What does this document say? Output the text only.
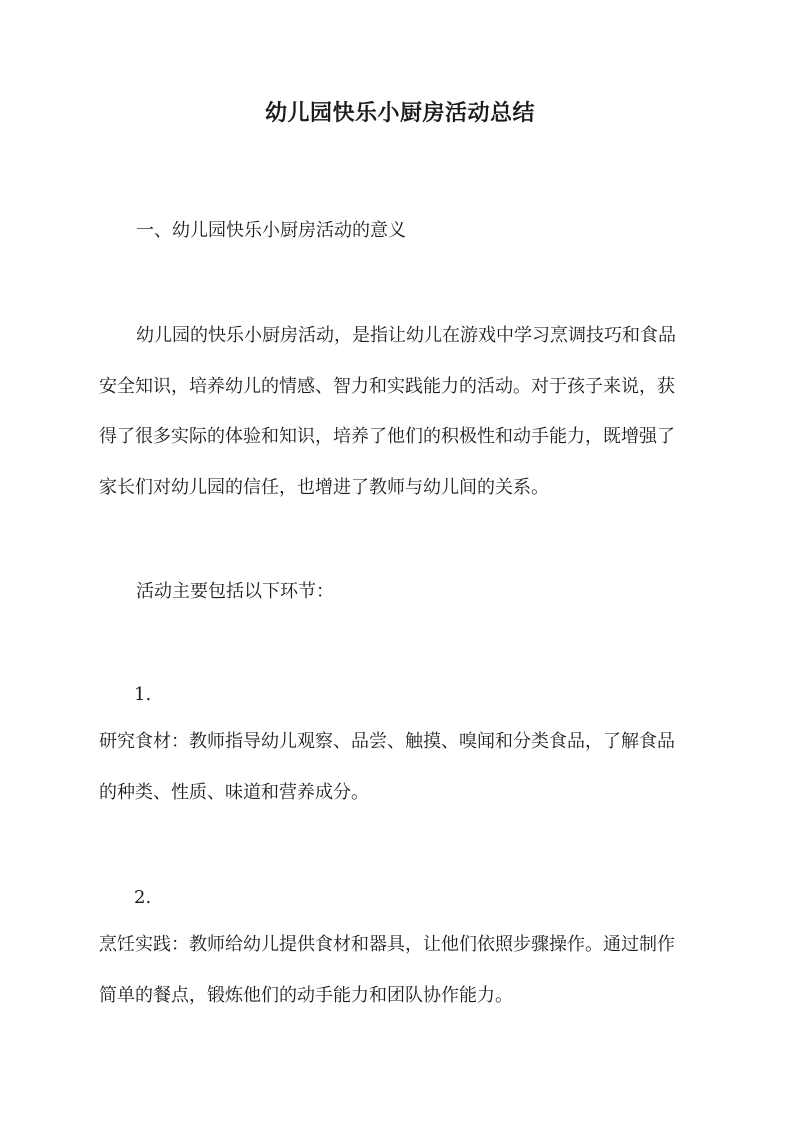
幼儿园快乐小厨房活动总结
一、幼儿园快乐小厨房活动的意义

幼儿园的快乐小厨房活动，是指让幼儿在游戏中学习烹调技巧和食品
安全知识，培养幼儿的情感、智力和实践能力的活动。对于孩子来说，获
得了很多实际的体验和知识，培养了他们的积极性和动手能力，既增强了
家长们对幼儿园的信任，也增进了教师与幼儿间的关系。

活动主要包括以下环节：
1.

研究食材：教师指导幼儿观察、品尝、触摸、嗅闻和分类食品，了解食品
的种类、性质、味道和营养成分。

2.

烹饪实践：教师给幼儿提供食材和器具，让他们依照步骤操作。通过制作
简单的餐点，锻炼他们的动手能力和团队协作能力。
